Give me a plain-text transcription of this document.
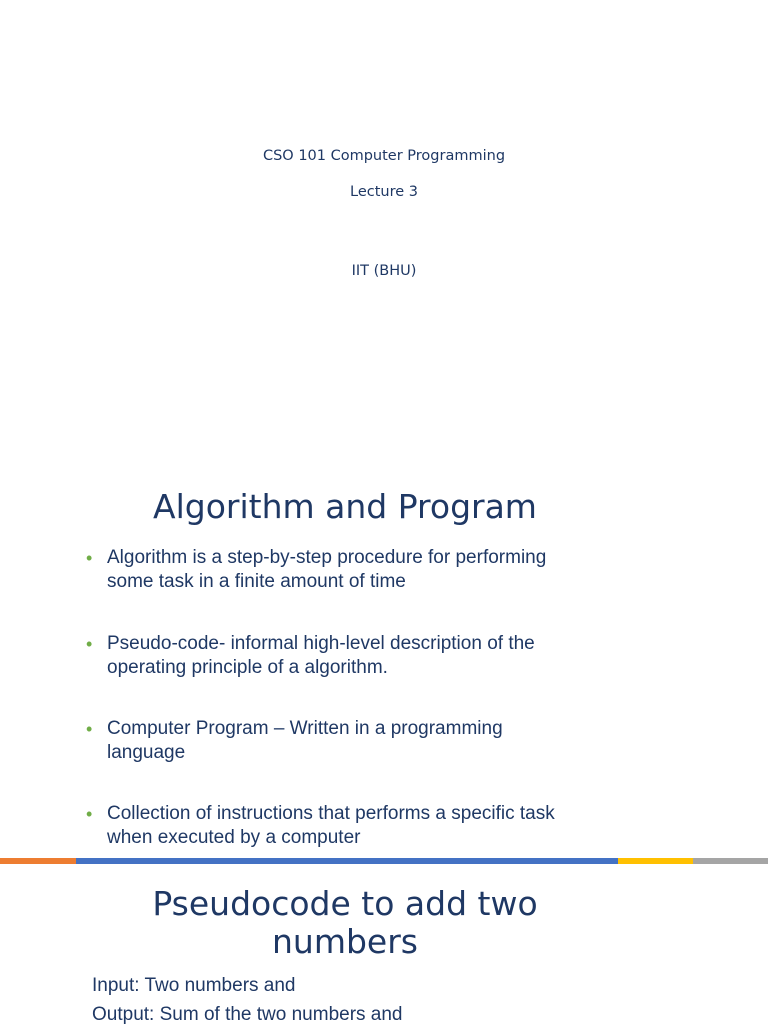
CSO 101 Computer Programming
Lecture 3
IIT (BHU)
Algorithm and Program
• Algorithm is a step-by-step procedure for performing
some task in a finite amount of time
• Pseudo-code- informal high-level description of the
operating principle of a algorithm.
• Computer Program – Written in a programming
language
• Collection of instructions that performs a specific task
when executed by a computer
Pseudocode to add two
numbers
Input: Two numbers and
Output: Sum of the two numbers and
